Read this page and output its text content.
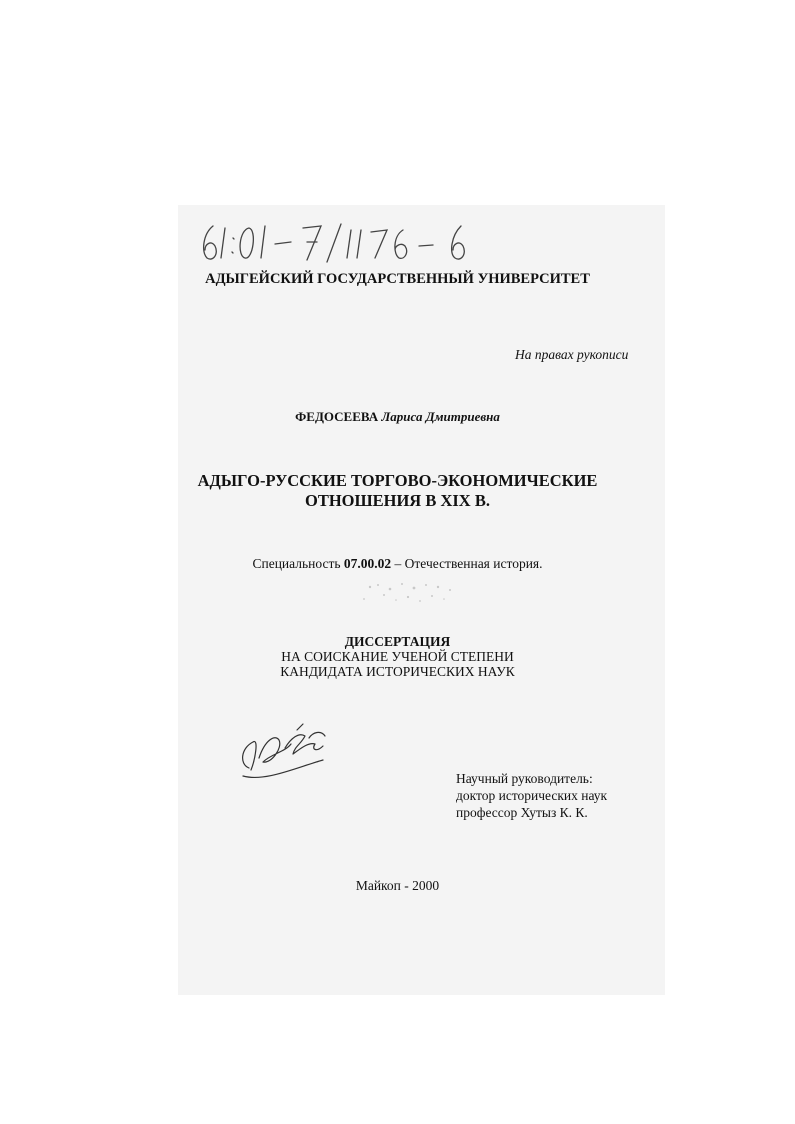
АДЫГЕЙСКИЙ ГОСУДАРСТВЕННЫЙ УНИВЕРСИТЕТ
На правах рукописи
ФЕДОСЕЕВА Лариса Дмитриевна
АДЫГО-РУССКИЕ ТОРГОВО-ЭКОНОМИЧЕСКИЕ
ОТНОШЕНИЯ В XIX В.
Специальность 07.00.02 – Отечественная история.
ДИССЕРТАЦИЯ
НА СОИСКАНИЕ УЧЕНОЙ СТЕПЕНИ
КАНДИДАТА ИСТОРИЧЕСКИХ НАУК
Научный руководитель:
доктор исторических наук
профессор Хутыз К. К.
Майкоп - 2000
